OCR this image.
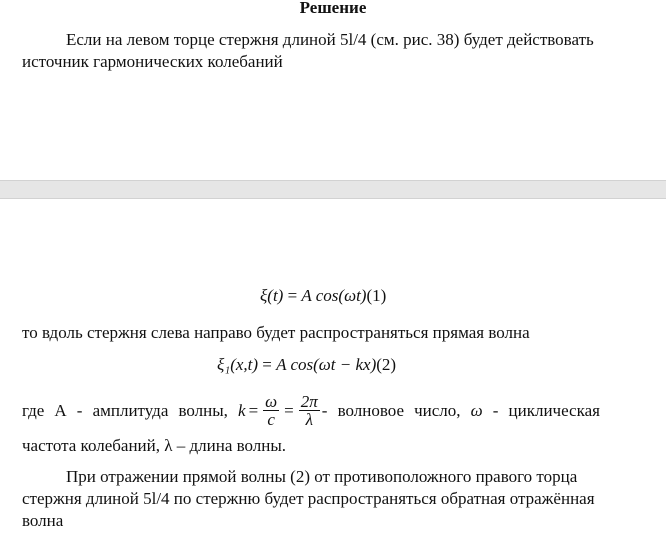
Решение
Если на левом торце стержня длиной 5l/4 (см. рис. 38) будет действовать
источник гармонических колебаний
ξ(t) = A cos(ωt)(1)
то вдоль стержня слева направо будет распространяться прямая волна
ξ₁(x,t) = A cos(ωt − kx)(2)
где А - амплитуда волны, $k = \frac{\omega}{c} = \frac{2\pi}{\lambda}$ - волновое число, ω - циклическая
частота колебаний, λ – длина волны.
При отражении прямой волны (2) от противоположного правого торца
стержня длиной 5l/4 по стержню будет распространяться обратная отражённая
волна
